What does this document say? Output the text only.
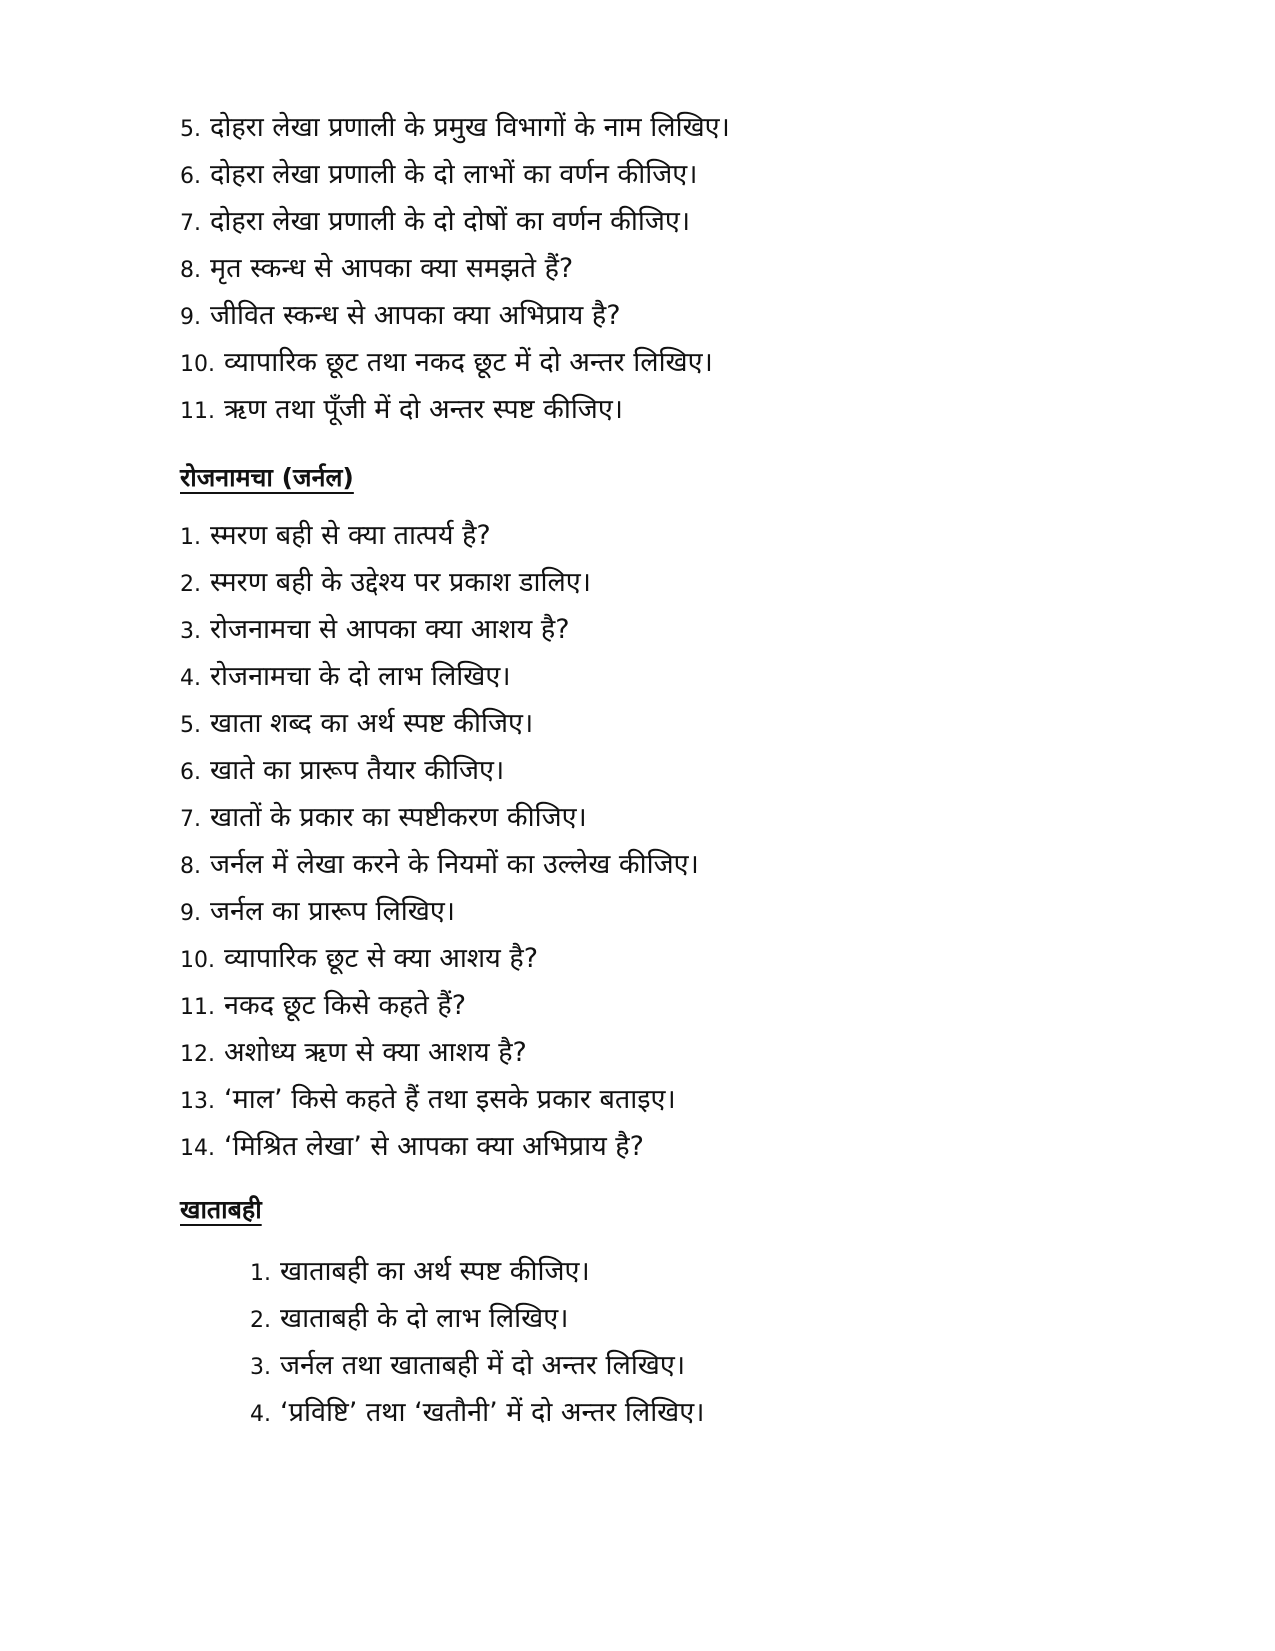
5. दोहरा लेखा प्रणाली के प्रमुख विभागों के नाम लिखिए।
6. दोहरा लेखा प्रणाली के दो लाभों का वर्णन कीजिए।
7. दोहरा लेखा प्रणाली के दो दोषों का वर्णन कीजिए।
8. मृत स्कन्ध से आपका क्या समझते हैं?
9. जीवित स्कन्ध से आपका क्या अभिप्राय है?
10. व्यापारिक छूट तथा नकद छूट में दो अन्तर लिखिए।
11. ऋण तथा पूँजी में दो अन्तर स्पष्ट कीजिए।
रोजनामचा (जर्नल)
1. स्मरण बही से क्या तात्पर्य है?
2. स्मरण बही के उद्देश्य पर प्रकाश डालिए।
3. रोजनामचा से आपका क्या आशय है?
4. रोजनामचा के दो लाभ लिखिए।
5. खाता शब्द का अर्थ स्पष्ट कीजिए।
6. खाते का प्रारूप तैयार कीजिए।
7. खातों के प्रकार का स्पष्टीकरण कीजिए।
8. जर्नल में लेखा करने के नियमों का उल्लेख कीजिए।
9. जर्नल का प्रारूप लिखिए।
10. व्यापारिक छूट से क्या आशय है?
11. नकद छूट किसे कहते हैं?
12. अशोध्य ऋण से क्या आशय है?
13. ‘माल’ किसे कहते हैं तथा इसके प्रकार बताइए।
14. ‘मिश्रित लेखा’ से आपका क्या अभिप्राय है?
खाताबही
1. खाताबही का अर्थ स्पष्ट कीजिए।
2. खाताबही के दो लाभ लिखिए।
3. जर्नल तथा खाताबही में दो अन्तर लिखिए।
4. ‘प्रविष्टि’ तथा ‘खतौनी’ में दो अन्तर लिखिए।
